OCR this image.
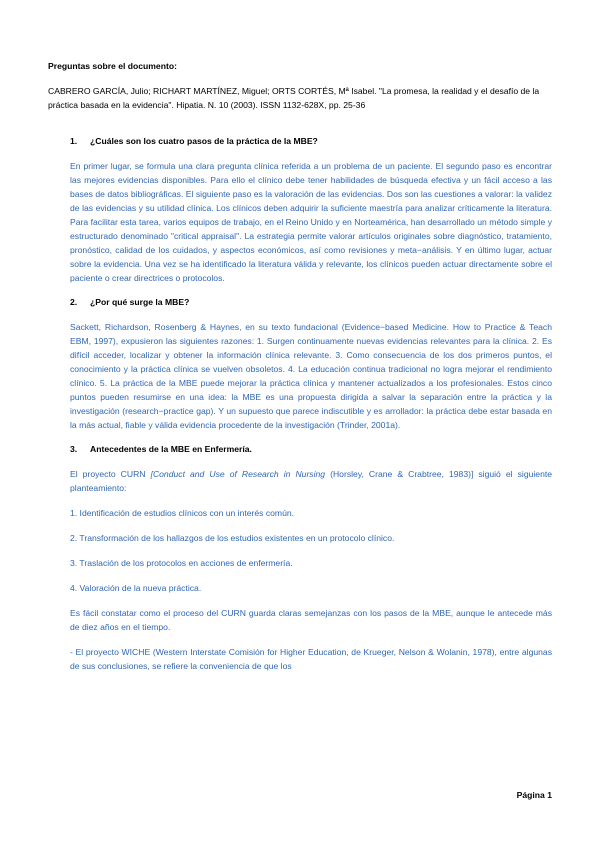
Preguntas sobre el documento:
CABRERO GARCÍA, Julio; RICHART MARTÍNEZ, Miguel; ORTS CORTÉS, Mª Isabel. "La promesa, la realidad y el desafío de la práctica basada en la evidencia". Hipatia. N. 10 (2003). ISSN 1132-628X, pp. 25-36
1.	¿Cuáles son los cuatro pasos de la práctica de la MBE?
En primer lugar, se formula una clara pregunta clínica referida a un problema de un paciente. El segundo paso es encontrar las mejores evidencias disponibles. Para ello el clínico debe tener habilidades de búsqueda efectiva y un fácil acceso a las bases de datos bibliográficas. El siguiente paso es la valoración de las evidencias. Dos son las cuestiones a valorar: la validez de las evidencias y su utilidad clínica. Los clínicos deben adquirir la suficiente maestría para analizar críticamente la literatura. Para facilitar esta tarea, varios equipos de trabajo, en el Reino Unido y en Norteamérica, han desarrollado un método simple y estructurado denominado "critical appraisal". La estrategia permite valorar artículos originales sobre diagnóstico, tratamiento, pronóstico, calidad de los cuidados, y aspectos económicos, así como revisiones y meta−análisis. Y en último lugar, actuar sobre la evidencia. Una vez se ha identificado la literatura válida y relevante, los clínicos pueden actuar directamente sobre el paciente o crear directrices o protocolos.
2.	¿Por qué surge la MBE?
Sackett, Richardson, Rosenberg & Haynes, en su texto fundacional (Evidence−based Medicine. How to Practice & Teach EBM, 1997), expusieron las siguientes razones: 1. Surgen continuamente nuevas evidencias relevantes para la clínica. 2. Es difícil acceder, localizar y obtener la información clínica relevante. 3. Como consecuencia de los dos primeros puntos, el conocimiento y la práctica clínica se vuelven obsoletos. 4. La educación continua tradicional no logra mejorar el rendimiento clínico. 5. La práctica de la MBE puede mejorar la práctica clínica y mantener actualizados a los profesionales. Estos cinco puntos pueden resumirse en una idea: la MBE es una propuesta dirigida a salvar la separación entre la práctica y la investigación (research−practice gap). Y un supuesto que parece indiscutible y es arrollador: la práctica debe estar basada en la más actual, fiable y válida evidencia procedente de la investigación (Trinder, 2001a).
3.	Antecedentes de la MBE en Enfermería.
El proyecto CURN [Conduct and Use of Research in Nursing (Horsley, Crane & Crabtree, 1983)] siguió el siguiente planteamiento:
1. Identificación de estudios clínicos con un interés común.
2. Transformación de los hallazgos de los estudios existentes en un protocolo clínico.
3. Traslación de los protocolos en acciones de enfermería.
4. Valoración de la nueva práctica.
Es fácil constatar como el proceso del CURN guarda claras semejanzas con los pasos de la MBE, aunque le antecede más de diez años en el tiempo.
- El proyecto WICHE (Western Interstate Comisión for Higher Education, de Krueger, Nelson & Wolanin, 1978), entre algunas de sus conclusiones, se refiere la conveniencia de que los
Página 1
